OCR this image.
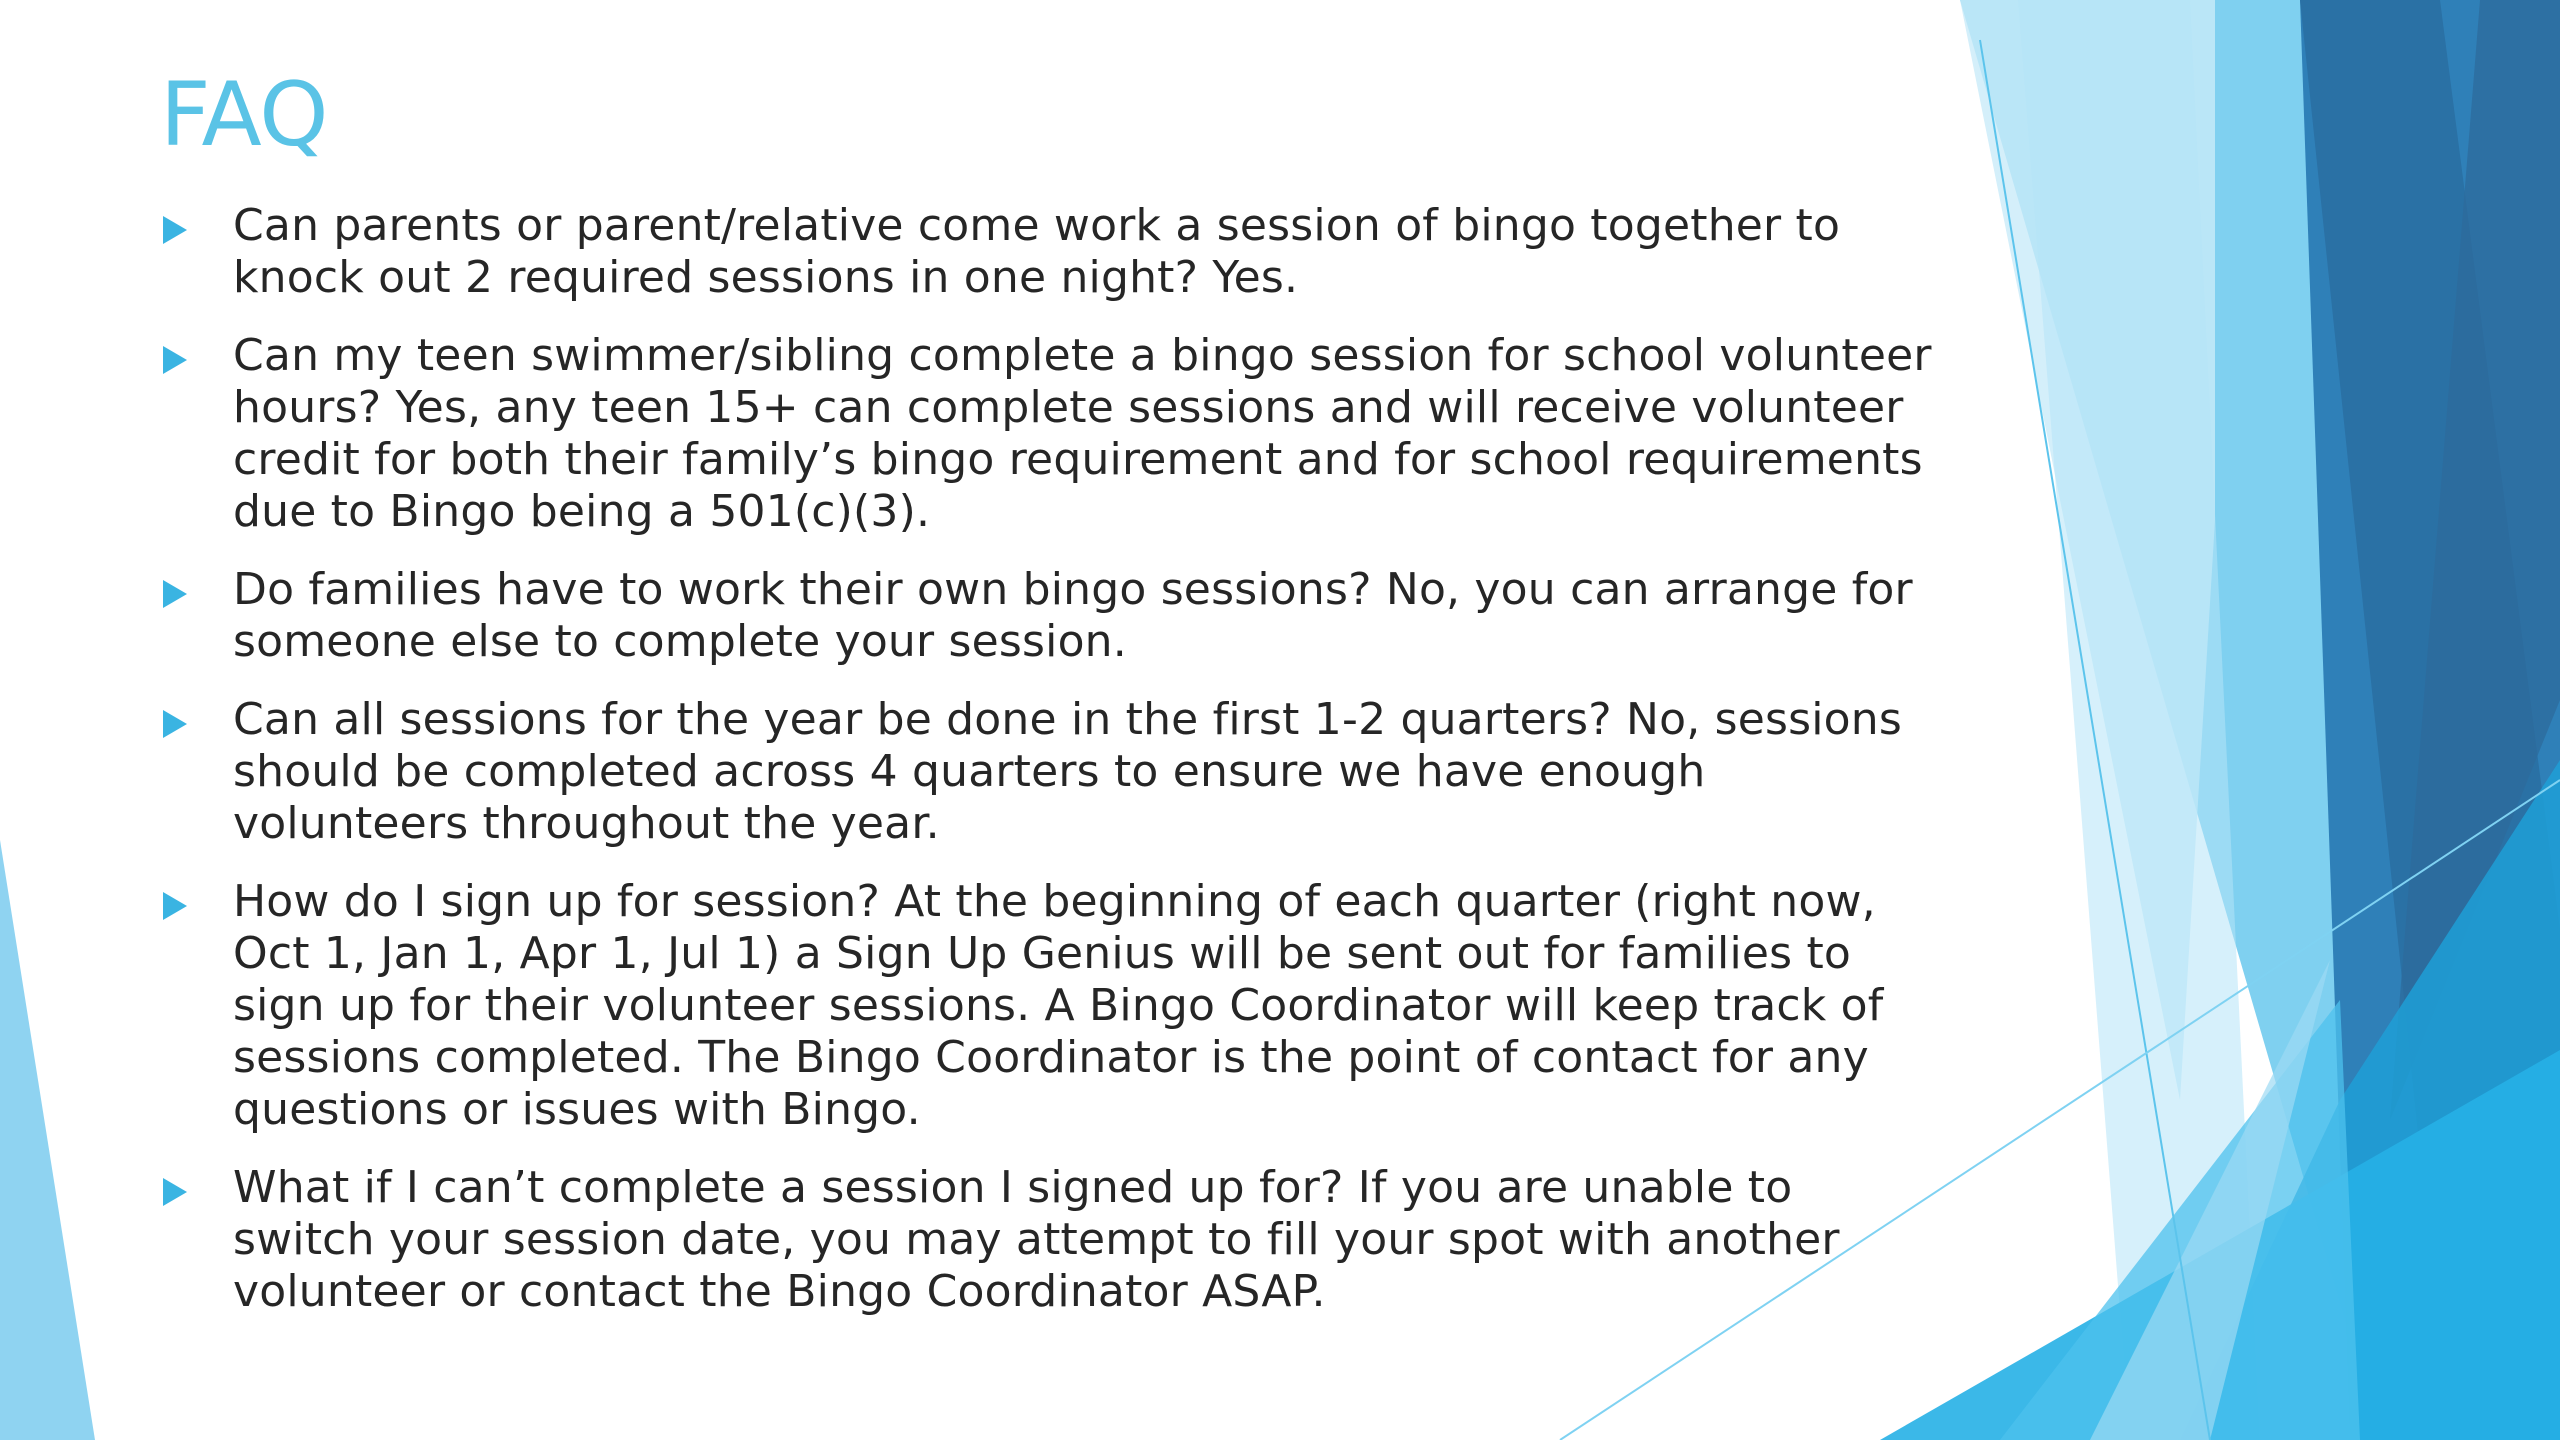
FAQ
Can parents or parent/relative come work a session of bingo together to knock out 2 required sessions in one night? Yes.
Can my teen swimmer/sibling complete a bingo session for school volunteer hours? Yes, any teen 15+ can complete sessions and will receive volunteer credit for both their family’s bingo requirement and for school requirements due to Bingo being a 501(c)(3).
Do families have to work their own bingo sessions? No, you can arrange for someone else to complete your session.
Can all sessions for the year be done in the first 1-2 quarters? No, sessions should be completed across 4 quarters to ensure we have enough volunteers throughout the year.
How do I sign up for session? At the beginning of each quarter (right now, Oct 1, Jan 1, Apr 1, Jul 1) a Sign Up Genius will be sent out for families to sign up for their volunteer sessions. A Bingo Coordinator will keep track of sessions completed. The Bingo Coordinator is the point of contact for any questions or issues with Bingo.
What if I can’t complete a session I signed up for? If you are unable to switch your session date, you may attempt to fill your spot with another volunteer or contact the Bingo Coordinator ASAP.
